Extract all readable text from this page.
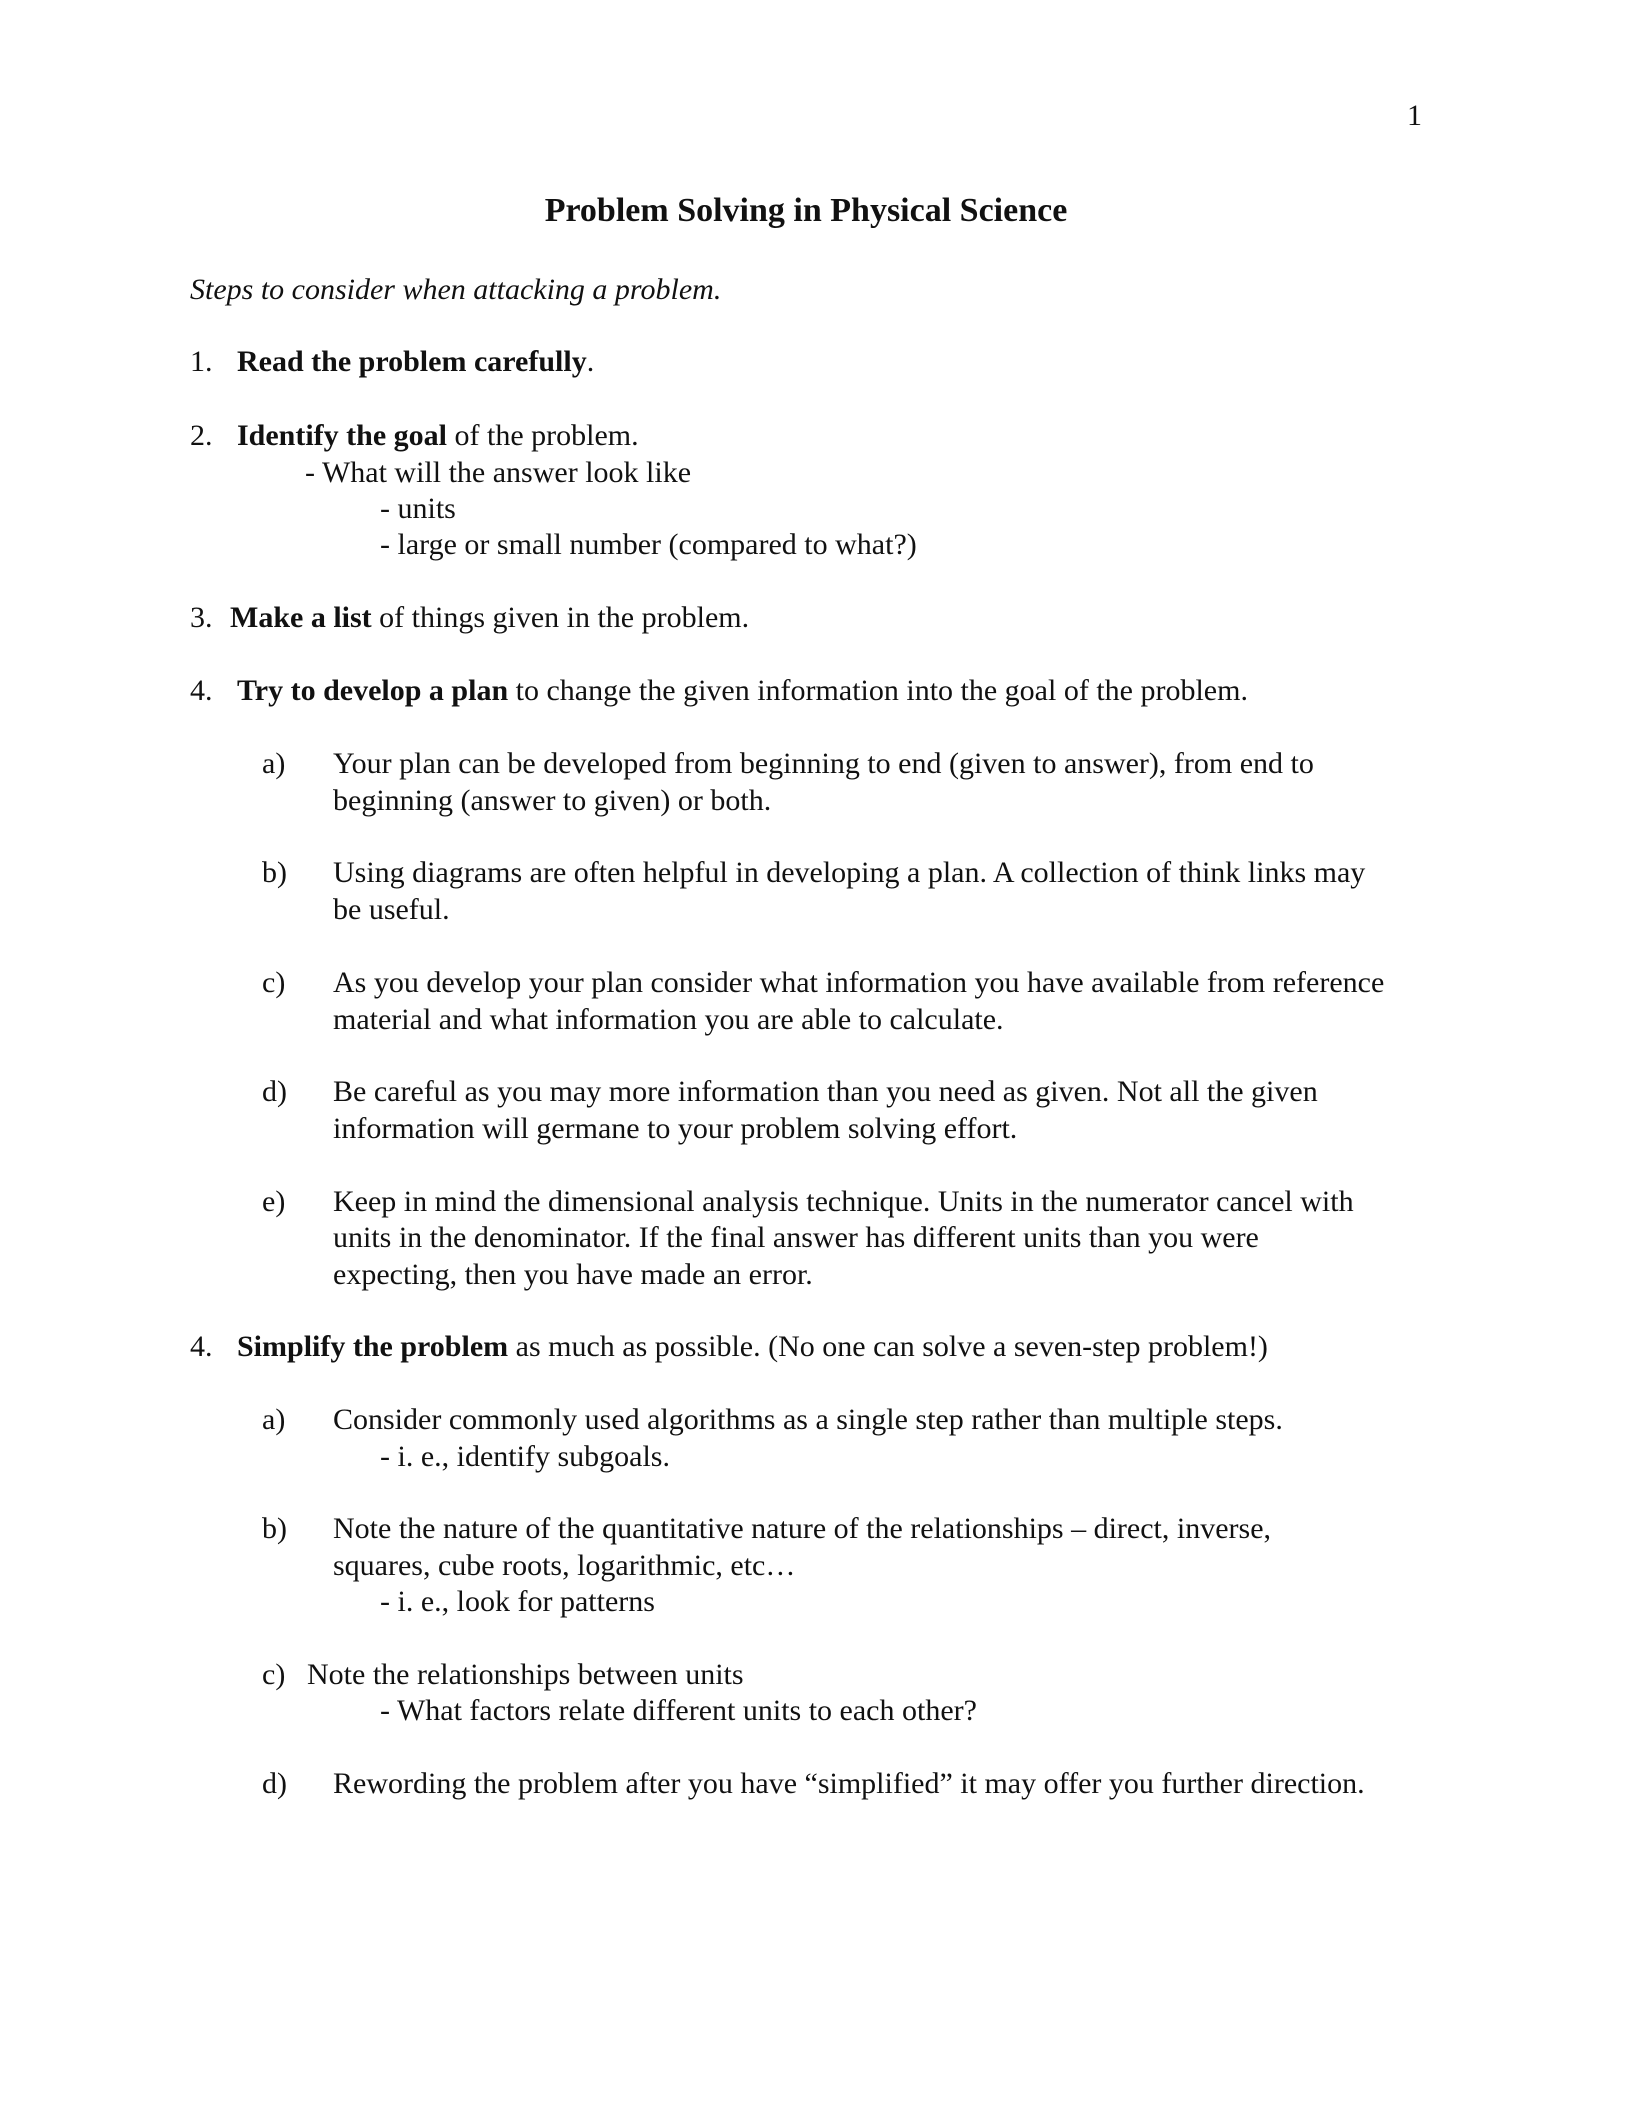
1
Problem Solving in Physical Science
Steps to consider when attacking a problem.
1. Read the problem carefully.
2. Identify the goal of the problem.
- What will the answer look like
- units
- large or small number (compared to what?)
3. Make a list of things given in the problem.
4. Try to develop a plan to change the given information into the goal of the problem.
a) Your plan can be developed from beginning to end (given to answer), from end to
beginning (answer to given) or both.
b) Using diagrams are often helpful in developing a plan. A collection of think links may
be useful.
c) As you develop your plan consider what information you have available from reference
material and what information you are able to calculate.
d) Be careful as you may more information than you need as given. Not all the given
information will germane to your problem solving effort.
e) Keep in mind the dimensional analysis technique. Units in the numerator cancel with
units in the denominator. If the final answer has different units than you were
expecting, then you have made an error.
4. Simplify the problem as much as possible. (No one can solve a seven-step problem!)
a) Consider commonly used algorithms as a single step rather than multiple steps.
- i. e., identify subgoals.
b) Note the nature of the quantitative nature of the relationships – direct, inverse,
squares, cube roots, logarithmic, etc…
- i. e., look for patterns
c) Note the relationships between units
- What factors relate different units to each other?
d) Rewording the problem after you have “simplified” it may offer you further direction.
